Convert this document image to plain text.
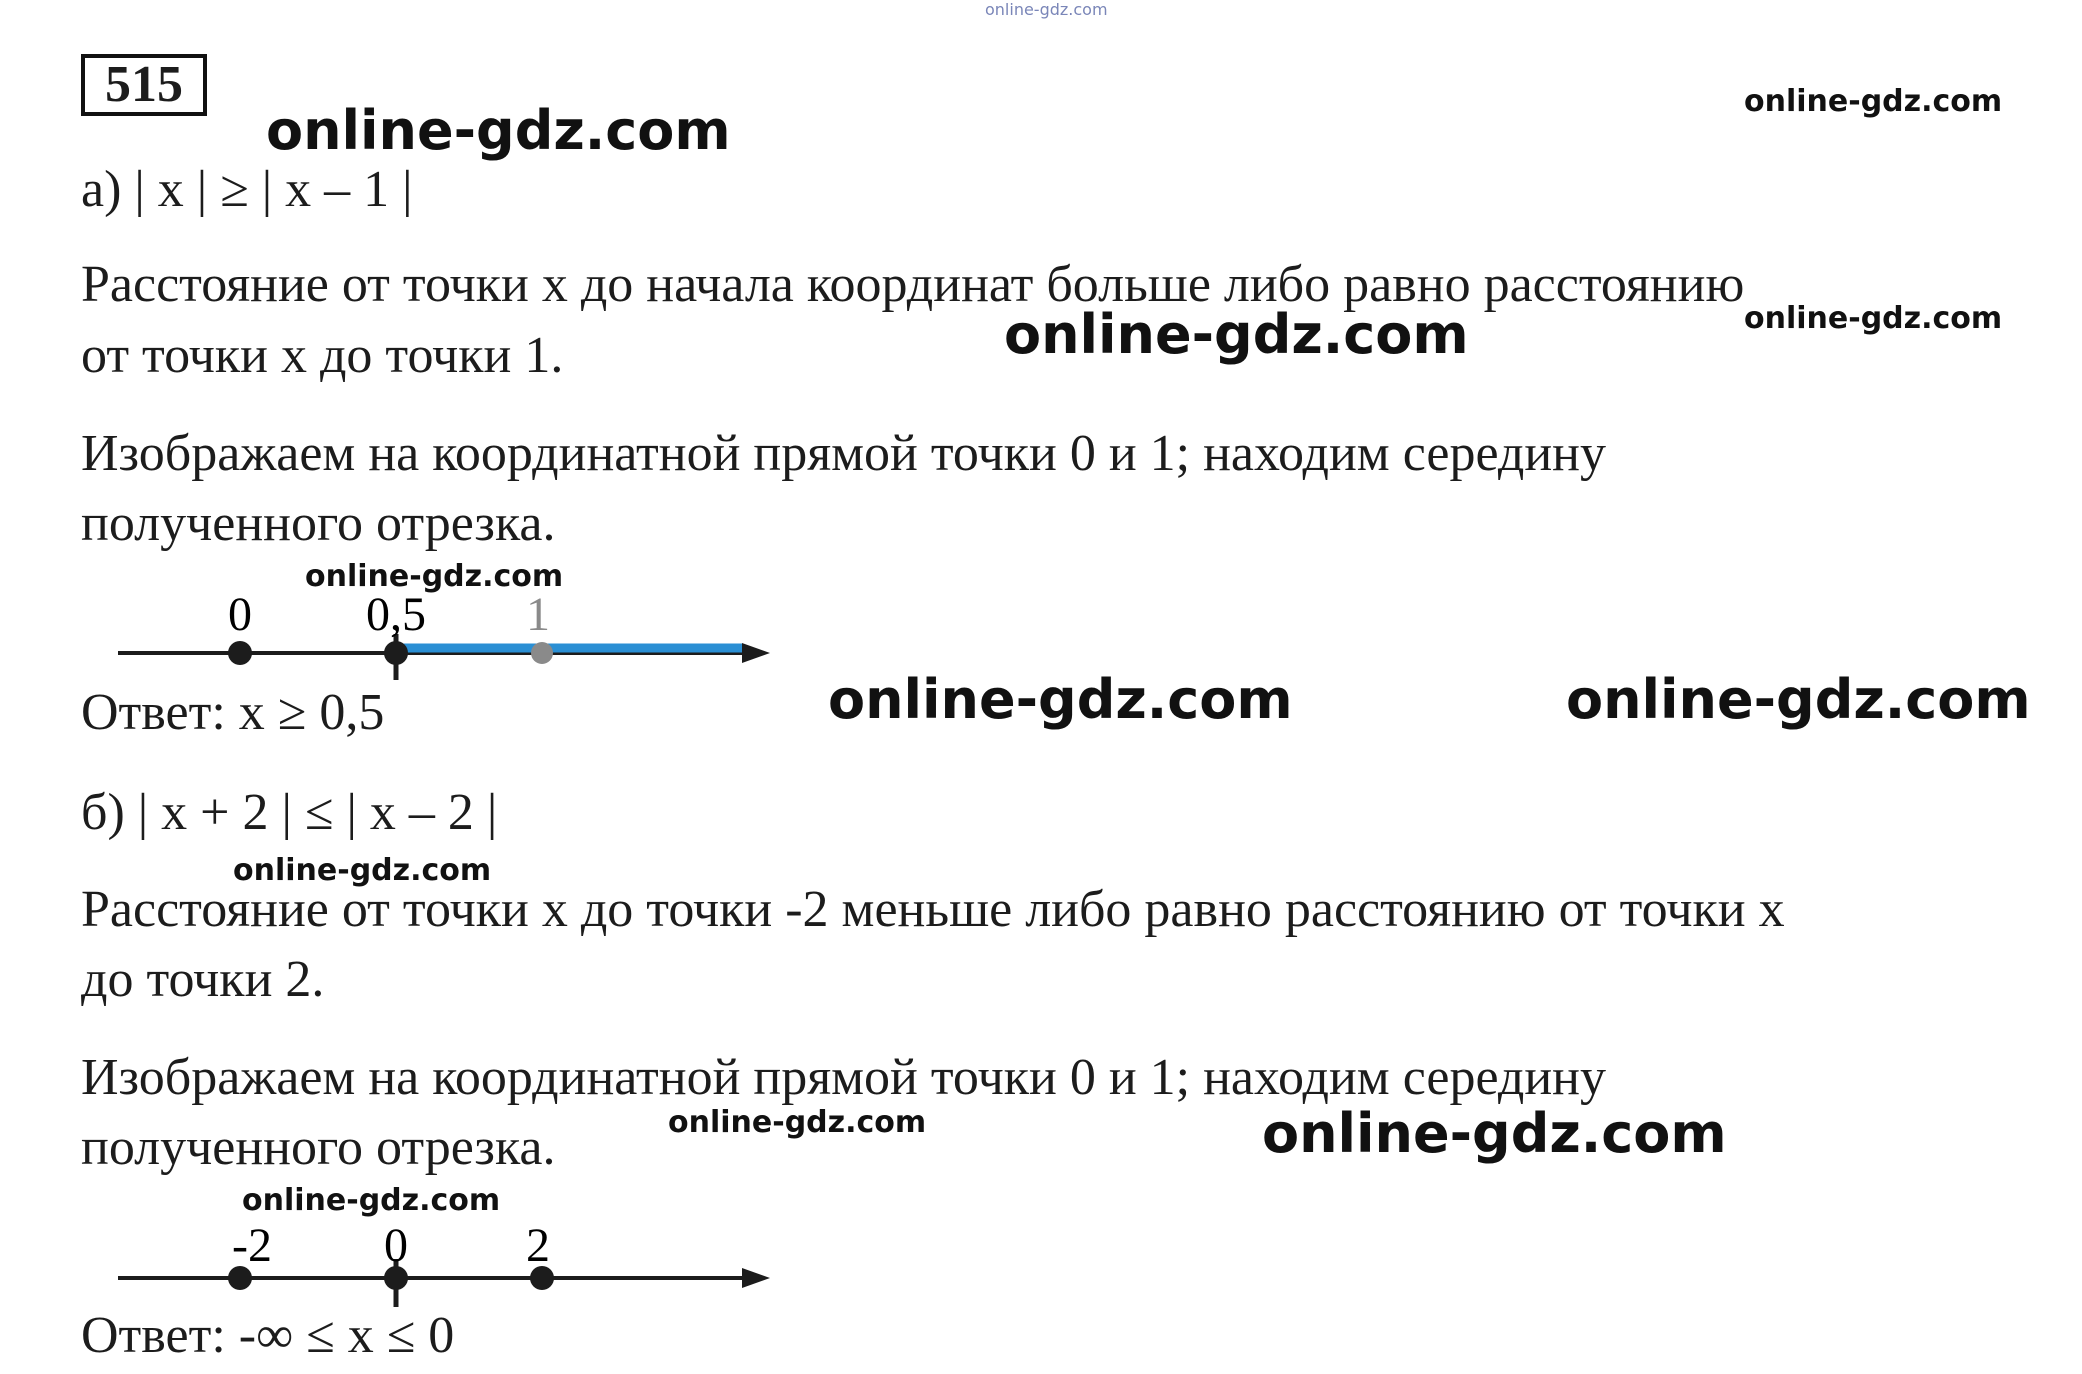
online-gdz.com
515
online-gdz.com	online-gdz.com
online-gdz.com
online-gdz.com
online-gdz.com
online-gdz.com	online-gdz.com
online-gdz.com
online-gdz.com	online-gdz.com
online-gdz.com
а) | x | ≥ | x – 1 |
Расстояние от точки x до начала координат больше либо равно расстоянию
от точки x до точки 1.
Изображаем на координатной прямой точки 0 и 1; находим середину
полученного отрезка.
0 0,5 1
Ответ: x ≥ 0,5
б) | x + 2 | ≤ | x – 2 |
Расстояние от точки x до точки -2 меньше либо равно расстоянию от точки x
до точки 2.
Изображаем на координатной прямой точки 0 и 1; находим середину
полученного отрезка.
-2 0 2
Ответ: -∞ ≤ x ≤ 0
